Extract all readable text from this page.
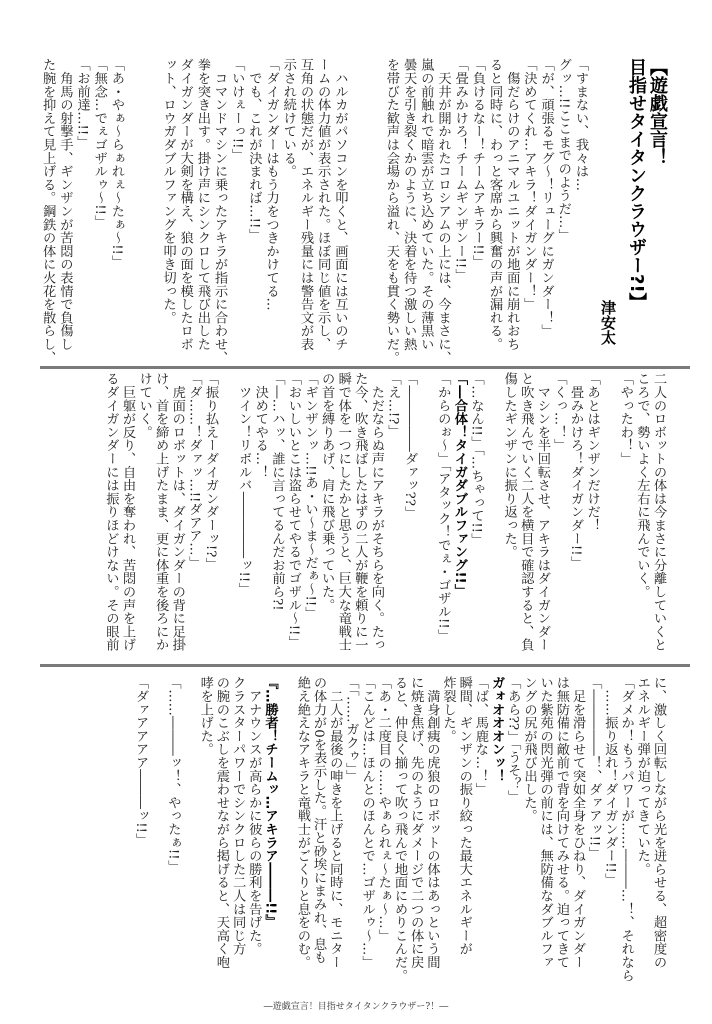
【遊戯宣言！
目指せタイタンクラウザー?!】
津安太

「すまない、我々は…

グッ…!!ここまでのようだ…」

「が、頑張るモグ〜！リューグにガンダー！」

「決めてくれ…アキラ！ダイガンダー！」

　傷だらけのアニマルユニットが地面に崩れおち

ると同時に、わっと客席から興奮の声が漏れる。

「負けるなー！チームアキラー!!」

「畳みかけろ！チームギンザンー!!」

　天井が開かれたコロシアムの上には、今まさに、

嵐の前触れで暗雲が立ち込めていた。その薄黒い

曇天を引き裂くかのように、決着を待つ激しい熱

を帯びた歓声は会場から溢れ、天をも貫く勢いだ。

　ハルカがパソコンを叩くと、画面には互いのチ

ームの体力値が表示された。ほぼ同じ値を示し、

互角の状態だが、エネルギー残量には警告文が表

示され続けている。

「ダイガンダーはもう力をつきかけてる…

　でも、これが決まれば…!!」

「いけぇーっ!!」

　コマンドマシンに乗ったアキラが指示に合わせ、

拳を突き出す。掛け声にシンクロして飛び出した

ダイガンダーが大剣を構え、狼の面を模したロボ

ット、ロウガダブルファングを叩き切った。

「あ・やぁ〜らぁれぇ〜たぁ〜!!」

「無念…でぇゴザルゥ〜!!」

「お前達…!!」

　角馬の射撃手、ギンザンが苦悶の表情で負傷し

た腕を抑えて見上げる。鋼鉄の体に火花を散らし、

二人のロボットの体は今まさに分離していくと

ころで、勢いよく左右に飛んでいく。

「やったわ！」

「あとはギンザンだけだ！

　畳みかけろ！ダイガンダー!!」

「くっ…！」

　マシンを半回転させ、アキラはダイガンダー

と吹き飛んでいく二人を横目で確認すると、負

傷したギンザンに振り返った。

「…なん!!」「…ちゃって!!」

「―合体！タイガダブルファング!!」

「からのぉ〜」「アタック！でぇ・ゴザル!!」

「―――――ダァッ??」

「え…!?」

　ただならぬ声にアキラがそちらを向く。たっ

た今、吹き飛ばしたはずの二人が鞭を頼りに一

瞬で体を一つにしたかと思うと、巨大な竜戦士

の首を縛りあげ、肩に飛び乗っていた。

「ギンザンッ…!!あ・い〜ま〜だぁ〜!!」

「おいしいとこは盗らせてやるでゴザル〜!!」

「―…ハッ、誰に言ってるんだお前ら?!

　決めてやる…！

　ツイン！リボルバ―――――ッ!!」

「振り払えーダイガンダーッ!?」

「ダ……！ダァッ…!!ダアア…」

　虎面のロボットは、ダイガンダーの背に足掛

け、首を締め上げたまま、更に体重を後ろにか

けていく。

　巨躯が反り、自由を奪われ、苦悶の声を上げ

るダイガンダーには振りほどけない。その眼前

に、激しく回転しながら光を迸らせる、超密度の

エネルギー弾が迫ってきていた。

「ダメか！もうパワーが……―――…！、それなら

　……振り返れ！ダイガンダー!!」

「―――――！、ダァアッ!!」

　足を滑らせて突如全身をひねり、ダイガンダー

は無防備に敵前で背を向けてみせる。迫ってきて

いた紫苑の閃光弾の前には、無防備なダブルファ

ングの尻が飛び出した。

「あら??」「うそ？」

ガォオオオンッ！

「ば、馬鹿な…！」

瞬間、ギンザンの振り絞った最大エネルギーが

炸裂した。

　満身創痍の虎狼のロボットの体はあっという間

に焼き焦げ、先のようにダメージで二つの体に戻

ると、仲良く揃って吹っ飛んで地面にめりこんだ。

「あ・二度目の……やぁられぇ〜たぁ〜…」

「こんどは…ほんとのほんとで…ゴザルゥ〜…」

「「……ガクゥ」」

　二人が最後の呻きを上げると同時に、モニター

の体力が0を表示した。汗と砂埃にまみれ、息も

絶え絶えなアキラと竜戦士がごくりと息をのむ。

『…勝者！チームッ…アキラア―――!!』

　アナウンスが高らかに彼らの勝利を告げた。

クラスターパワーでシンクロした二人は同じ方

の腕のこぶしを震わせながら掲げると、天高く咆

哮を上げた。

「……―――ッ！、やったぁ!!」

「ダァアアアア―――ッ!!」

―遊戯宣言！目指せタイタンクラウザー?！―
